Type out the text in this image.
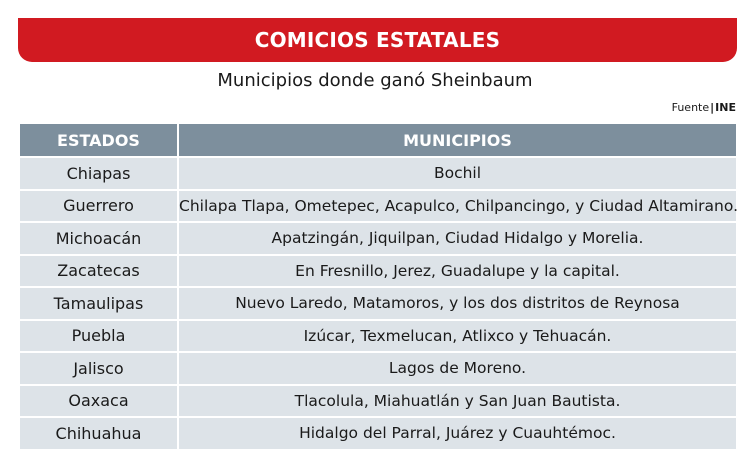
COMICIOS ESTATALES
Municipios donde ganó Sheinbaum
Fuente|INE
ESTADOS	MUNICIPIOS
Chiapas	Bochil
Guerrero	Chilapa Tlapa, Ometepec, Acapulco, Chilpancingo, y Ciudad Altamirano.
Michoacán	Apatzingán, Jiquilpan, Ciudad Hidalgo y Morelia.
Zacatecas	En Fresnillo, Jerez, Guadalupe y la capital.
Tamaulipas	Nuevo Laredo, Matamoros, y los dos distritos de Reynosa
Puebla	Izúcar, Texmelucan, Atlixco y Tehuacán.
Jalisco	Lagos de Moreno.
Oaxaca	Tlacolula, Miahuatlán y San Juan Bautista.
Chihuahua	Hidalgo del Parral, Juárez y Cuauhtémoc.
